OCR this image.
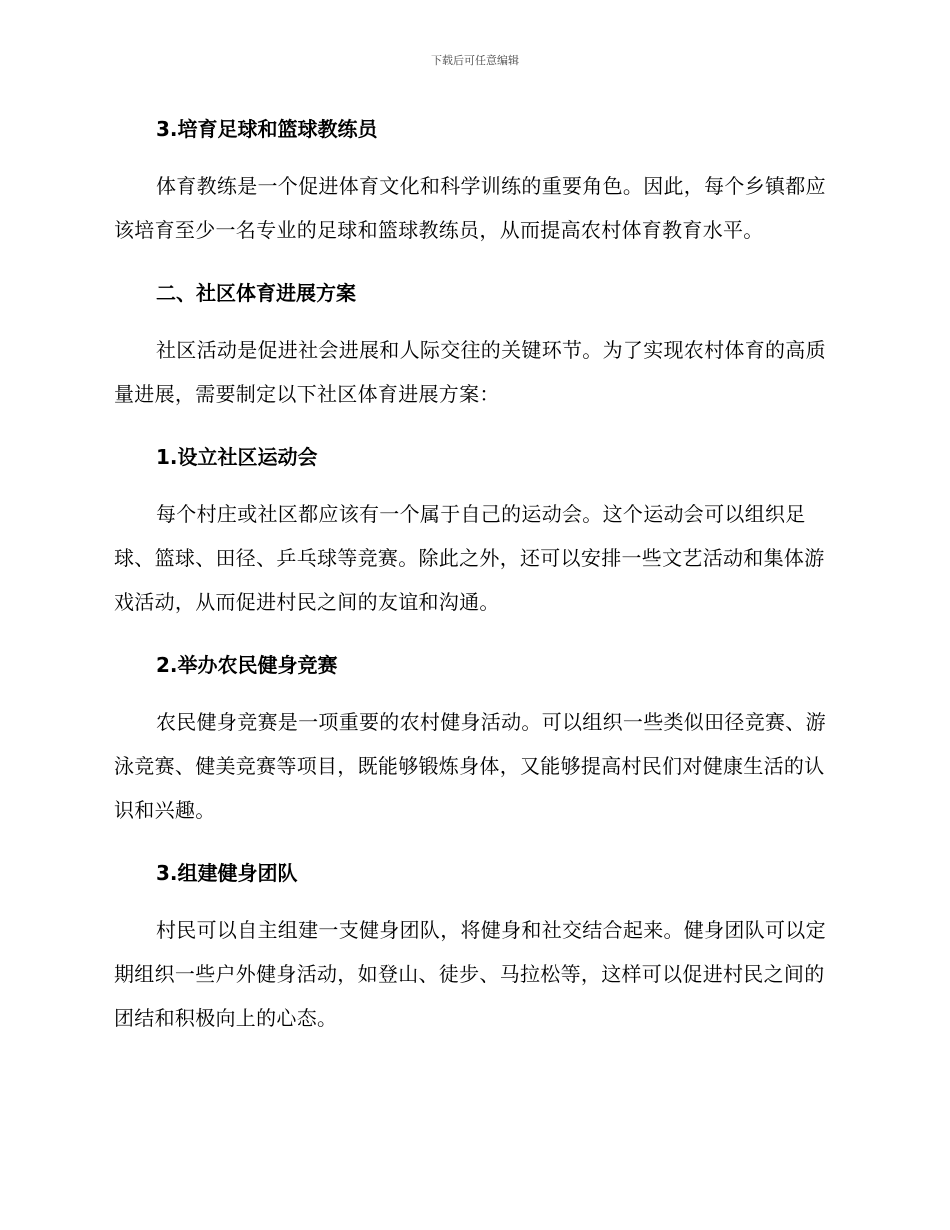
下载后可任意编辑
3.培育足球和篮球教练员

体育教练是一个促进体育文化和科学训练的重要角色。因此，每个乡镇都应该培育至少一名专业的足球和篮球教练员，从而提高农村体育教育水平。

二、社区体育进展方案

社区活动是促进社会进展和人际交往的关键环节。为了实现农村体育的高质量进展，需要制定以下社区体育进展方案：

1.设立社区运动会

每个村庄或社区都应该有一个属于自己的运动会。这个运动会可以组织足球、篮球、田径、乒乓球等竞赛。除此之外，还可以安排一些文艺活动和集体游戏活动，从而促进村民之间的友谊和沟通。

2.举办农民健身竞赛

农民健身竞赛是一项重要的农村健身活动。可以组织一些类似田径竞赛、游泳竞赛、健美竞赛等项目，既能够锻炼身体，又能够提高村民们对健康生活的认识和兴趣。

3.组建健身团队

村民可以自主组建一支健身团队，将健身和社交结合起来。健身团队可以定期组织一些户外健身活动，如登山、徒步、马拉松等，这样可以促进村民之间的团结和积极向上的心态。
